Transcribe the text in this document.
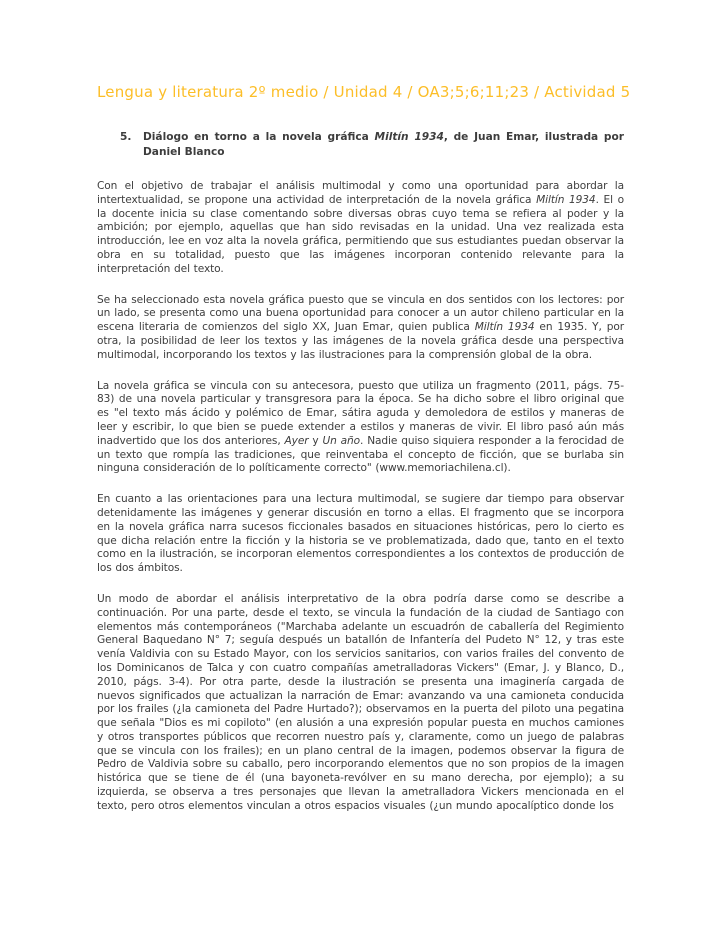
Lengua y literatura 2º medio / Unidad 4 / OA3;5;6;11;23 / Actividad 5
5.	Diálogo en torno a la novela gráfica Miltín 1934, de Juan Emar, ilustrada por Daniel Blanco

Con el objetivo de trabajar el análisis multimodal y como una oportunidad para abordar la intertextualidad, se propone una actividad de interpretación de la novela gráfica Miltín 1934. El o la docente inicia su clase comentando sobre diversas obras cuyo tema se refiera al poder y la ambición; por ejemplo, aquellas que han sido revisadas en la unidad. Una vez realizada esta introducción, lee en voz alta la novela gráfica, permitiendo que sus estudiantes puedan observar la obra en su totalidad, puesto que las imágenes incorporan contenido relevante para la interpretación del texto.

Se ha seleccionado esta novela gráfica puesto que se vincula en dos sentidos con los lectores: por un lado, se presenta como una buena oportunidad para conocer a un autor chileno particular en la escena literaria de comienzos del siglo XX, Juan Emar, quien publica Miltín 1934 en 1935. Y, por otra, la posibilidad de leer los textos y las imágenes de la novela gráfica desde una perspectiva multimodal, incorporando los textos y las ilustraciones para la comprensión global de la obra.

La novela gráfica se vincula con su antecesora, puesto que utiliza un fragmento (2011, págs. 75-83) de una novela particular y transgresora para la época. Se ha dicho sobre el libro original que es "el texto más ácido y polémico de Emar, sátira aguda y demoledora de estilos y maneras de leer y escribir, lo que bien se puede extender a estilos y maneras de vivir. El libro pasó aún más inadvertido que los dos anteriores, Ayer y Un año. Nadie quiso siquiera responder a la ferocidad de un texto que rompía las tradiciones, que reinventaba el concepto de ficción, que se burlaba sin ninguna consideración de lo políticamente correcto" (www.memoriachilena.cl).

En cuanto a las orientaciones para una lectura multimodal, se sugiere dar tiempo para observar detenidamente las imágenes y generar discusión en torno a ellas. El fragmento que se incorpora en la novela gráfica narra sucesos ficcionales basados en situaciones históricas, pero lo cierto es que dicha relación entre la ficción y la historia se ve problematizada, dado que, tanto en el texto como en la ilustración, se incorporan elementos correspondientes a los contextos de producción de los dos ámbitos.

Un modo de abordar el análisis interpretativo de la obra podría darse como se describe a continuación. Por una parte, desde el texto, se vincula la fundación de la ciudad de Santiago con elementos más contemporáneos ("Marchaba adelante un escuadrón de caballería del Regimiento General Baquedano N° 7; seguía después un batallón de Infantería del Pudeto N° 12, y tras este venía Valdivia con su Estado Mayor, con los servicios sanitarios, con varios frailes del convento de los Dominicanos de Talca y con cuatro compañías ametralladoras Vickers" (Emar, J. y Blanco, D., 2010, págs. 3-4). Por otra parte, desde la ilustración se presenta una imaginería cargada de nuevos significados que actualizan la narración de Emar: avanzando va una camioneta conducida por los frailes (¿la camioneta del Padre Hurtado?); observamos en la puerta del piloto una pegatina que señala "Dios es mi copiloto" (en alusión a una expresión popular puesta en muchos camiones y otros transportes públicos que recorren nuestro país y, claramente, como un juego de palabras que se vincula con los frailes); en un plano central de la imagen, podemos observar la figura de Pedro de Valdivia sobre su caballo, pero incorporando elementos que no son propios de la imagen histórica que se tiene de él (una bayoneta-revólver en su mano derecha, por ejemplo); a su izquierda, se observa a tres personajes que llevan la ametralladora Vickers mencionada en el texto, pero otros elementos vinculan a otros espacios visuales (¿un mundo apocalíptico donde los
